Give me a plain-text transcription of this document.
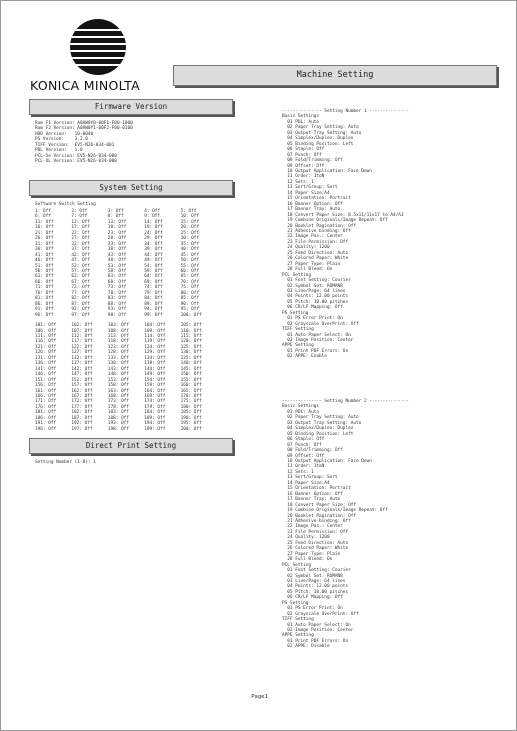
KONICA MINOLTA
Machine Setting
Firmware Version
Rom F1 Version: A0AW0Y0-00F1-F00-1000
Rom F2 Version: A0AW0Y1-00F2-F00-0100
HDD Version:   10-0040
PS Version:    3.2.0
TIFF Version:  EV5-N26-034-001
PDL Version:   1.0
PCL-5e Version: EV5-N26-034-000
PCL-XL Version: EV5-N26-034-000
System Setting
Software Switch Setting
1: Off	2: Off	3: Off	4: Off	5: Off
6: Off	7: Off	8: Off	9: Off	10: Off
11: Off	12: Off	13: Off	14: Off	15: Off
16: Off	17: Off	18: Off	19: Off	20: Off
21: Off	22: Off	23: Off	24: Off	25: Off
26: Off	27: Off	28: Off	29: Off	30: Off
31: Off	32: Off	33: Off	34: Off	35: Off
36: Off	37: Off	38: Off	39: Off	40: Off
41: Off	42: Off	43: Off	44: Off	45: Off
46: Off	47: Off	48: Off	49: Off	50: Off
51: Off	52: Off	53: Off	54: Off	55: Off
56: Off	57: Off	58: Off	59: Off	60: Off
61: Off	62: Off	63: Off	64: Off	65: Off
66: Off	67: Off	68: Off	69: Off	70: Off
71: Off	72: Off	73: Off	74: Off	75: Off
76: Off	77: Off	78: Off	79: Off	80: Off
81: Off	82: Off	83: Off	84: Off	85: Off
86: Off	87: Off	88: Off	89: Off	90: Off
91: Off	92: Off	93: Off	94: Off	95: Off
96: Off	97: Off	98: Off	99: Off	100: Off
101: Off	102: Off	103: Off	104: Off	105: Off
106: Off	107: Off	108: Off	109: Off	110: Off
111: Off	112: Off	113: Off	114: Off	115: Off
116: Off	117: Off	118: Off	119: Off	120: Off
121: Off	122: Off	123: Off	124: Off	125: Off
126: Off	127: Off	128: Off	129: Off	130: Off
131: Off	132: Off	133: Off	134: Off	135: Off
136: Off	137: Off	138: Off	139: Off	140: Off
141: Off	142: Off	143: Off	144: Off	145: Off
146: Off	147: Off	148: Off	149: Off	150: Off
151: Off	152: Off	153: Off	154: Off	155: Off
156: Off	157: Off	158: Off	159: Off	160: Off
161: Off	162: Off	163: Off	164: Off	165: Off
166: Off	167: Off	168: Off	169: Off	170: Off
171: Off	172: Off	173: Off	174: Off	175: Off
176: Off	177: Off	178: Off	179: Off	180: Off
181: Off	182: Off	183: Off	184: Off	185: Off
186: Off	187: Off	188: Off	189: Off	190: Off
191: Off	192: Off	193: Off	194: Off	195: Off
196: Off	197: Off	198: Off	199: Off	200: Off
Direct Print Setting
Setting Number (1-8): 1
--------------- Setting Number 1 ---------------
Basic Settings
01 PDL: Auto
02 Paper Tray Setting: Auto
03 Output Tray Setting: Auto
04 Simplex/Duplex: Duplex
05 Binding Position: Left
06 Staple: Off
07 Punch: Off
08 Fold/Trimming: Off
09 Offset: Off
10 Output Application: Face Down
11 Order: 1toN
12 Sets: 1
13 Sort/Group: Sort
14 Paper Size:A4
15 Orientation: Portrait
16 Banner Option: Off
17 Banner Tray: Auto
18 Convert Paper Size: 8.5x11/11x17 to A4/A3
19 Combine Originals/Image Repeat: Off
20 Booklet Pagination: Off
21 Adhesive binding: Off
22 Image Pos.: Center
23 File Permission: Off
24 Quality: 1200
25 Feed Direction: Auto
26 Colored Paper: White
27 Paper Type: Plain
28 Full Bleed: On
PCL Setting
01 Font Setting: Courier
02 Symbol Set: ROMAN8
03 Line/Page: 64 lines
04 Points: 12.00 points
05 Pitch: 10.00 pitches
06 CR/LF Mapping: Off
PS Setting
01 PS Error Print: On
02 Grayscale OverPrint: Off
TIFF Setting
01 Auto Paper Select: On
02 Image Position: Center
APPE Setting
01 Print PDF Errors: On
02 APPE: Enable
--------------- Setting Number 2 ---------------
Basic Settings
01 PDL: Auto
02 Paper Tray Setting: Auto
03 Output Tray Setting: Auto
04 Simplex/Duplex: Duplex
05 Binding Position: Left
06 Staple: Off
07 Punch: Off
08 Fold/Trimming: Off
09 Offset: Off
10 Output Application: Face Down
11 Order: 1toN
12 Sets: 1
13 Sort/Group: Sort
14 Paper Size:A4
15 Orientation: Portrait
16 Banner Option: Off
17 Banner Tray: Auto
18 Convert Paper Size: Off
19 Combine Originals/Image Repeat: Off
20 Booklet Pagination: Off
21 Adhesive binding: Off
22 Image Pos.: Center
23 File Permission: Off
24 Quality: 1200
25 Feed Direction: Auto
26 Colored Paper: White
27 Paper Type: Plain
28 Full Bleed: On
PCL Setting
01 Font Setting: Courier
02 Symbol Set: ROMAN8
03 Line/Page: 64 lines
04 Points: 12.00 points
05 Pitch: 10.00 pitches
06 CR/LF Mapping: Off
PS Setting
01 PS Error Print: On
02 Grayscale OverPrint: Off
TIFF Setting
01 Auto Paper Select: On
02 Image Position: Center
APPE Setting
01 Print PDF Errors: On
02 APPE: Disable
Page1
